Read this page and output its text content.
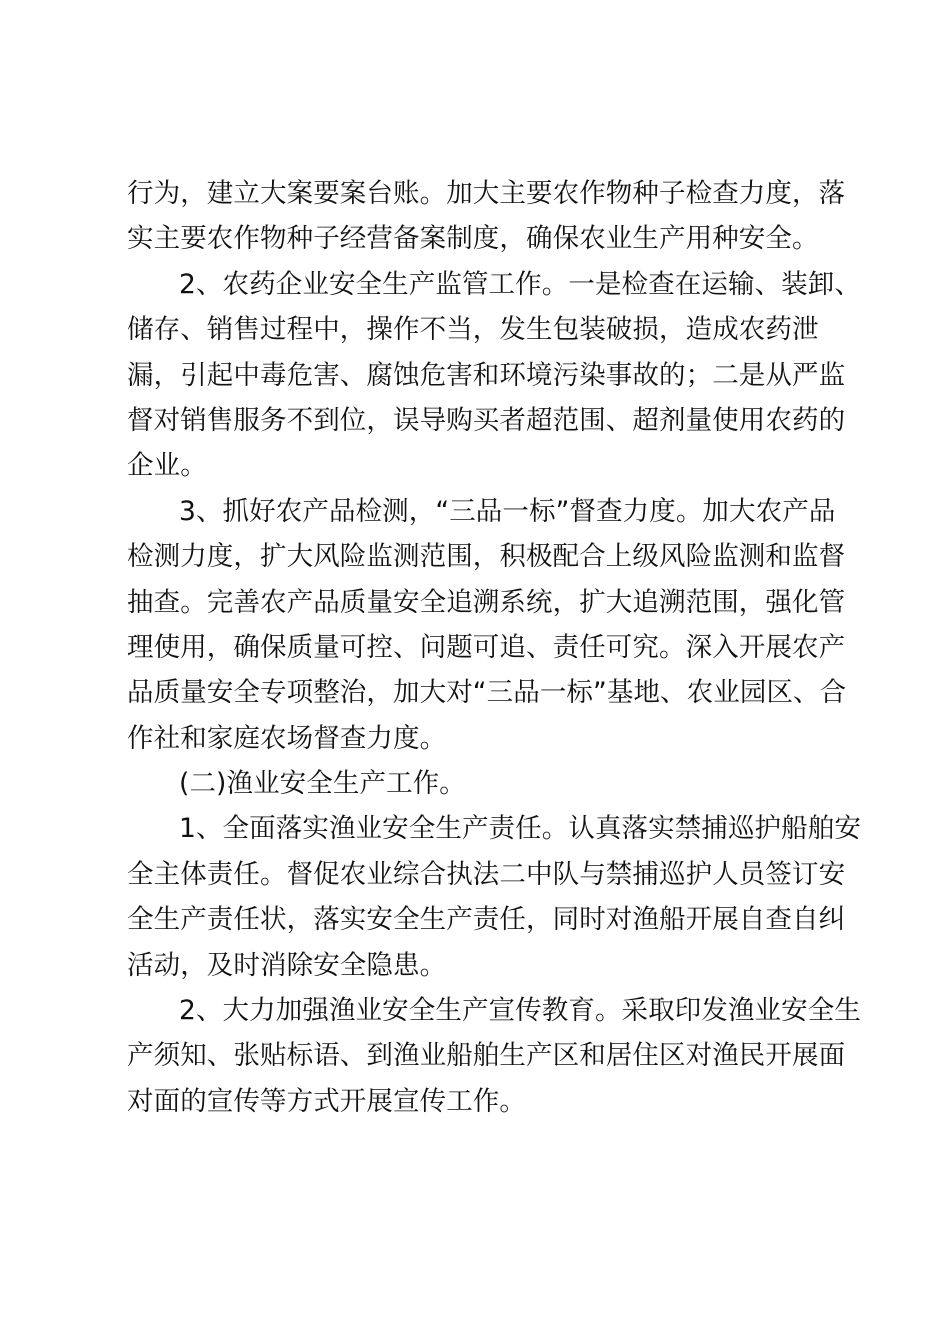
行为，建立大案要案台账。加大主要农作物种子检查力度，落
实主要农作物种子经营备案制度，确保农业生产用种安全。
2、农药企业安全生产监管工作。一是检查在运输、装卸、
储存、销售过程中，操作不当，发生包装破损，造成农药泄
漏，引起中毒危害、腐蚀危害和环境污染事故的；二是从严监
督对销售服务不到位，误导购买者超范围、超剂量使用农药的
企业。
3、抓好农产品检测，“三品一标”督查力度。加大农产品
检测力度，扩大风险监测范围，积极配合上级风险监测和监督
抽查。完善农产品质量安全追溯系统，扩大追溯范围，强化管
理使用，确保质量可控、问题可追、责任可究。深入开展农产
品质量安全专项整治，加大对“三品一标”基地、农业园区、合
作社和家庭农场督查力度。
(二)渔业安全生产工作。
1、全面落实渔业安全生产责任。认真落实禁捕巡护船舶安
全主体责任。督促农业综合执法二中队与禁捕巡护人员签订安
全生产责任状，落实安全生产责任，同时对渔船开展自查自纠
活动，及时消除安全隐患。
2、大力加强渔业安全生产宣传教育。采取印发渔业安全生
产须知、张贴标语、到渔业船舶生产区和居住区对渔民开展面
对面的宣传等方式开展宣传工作。
